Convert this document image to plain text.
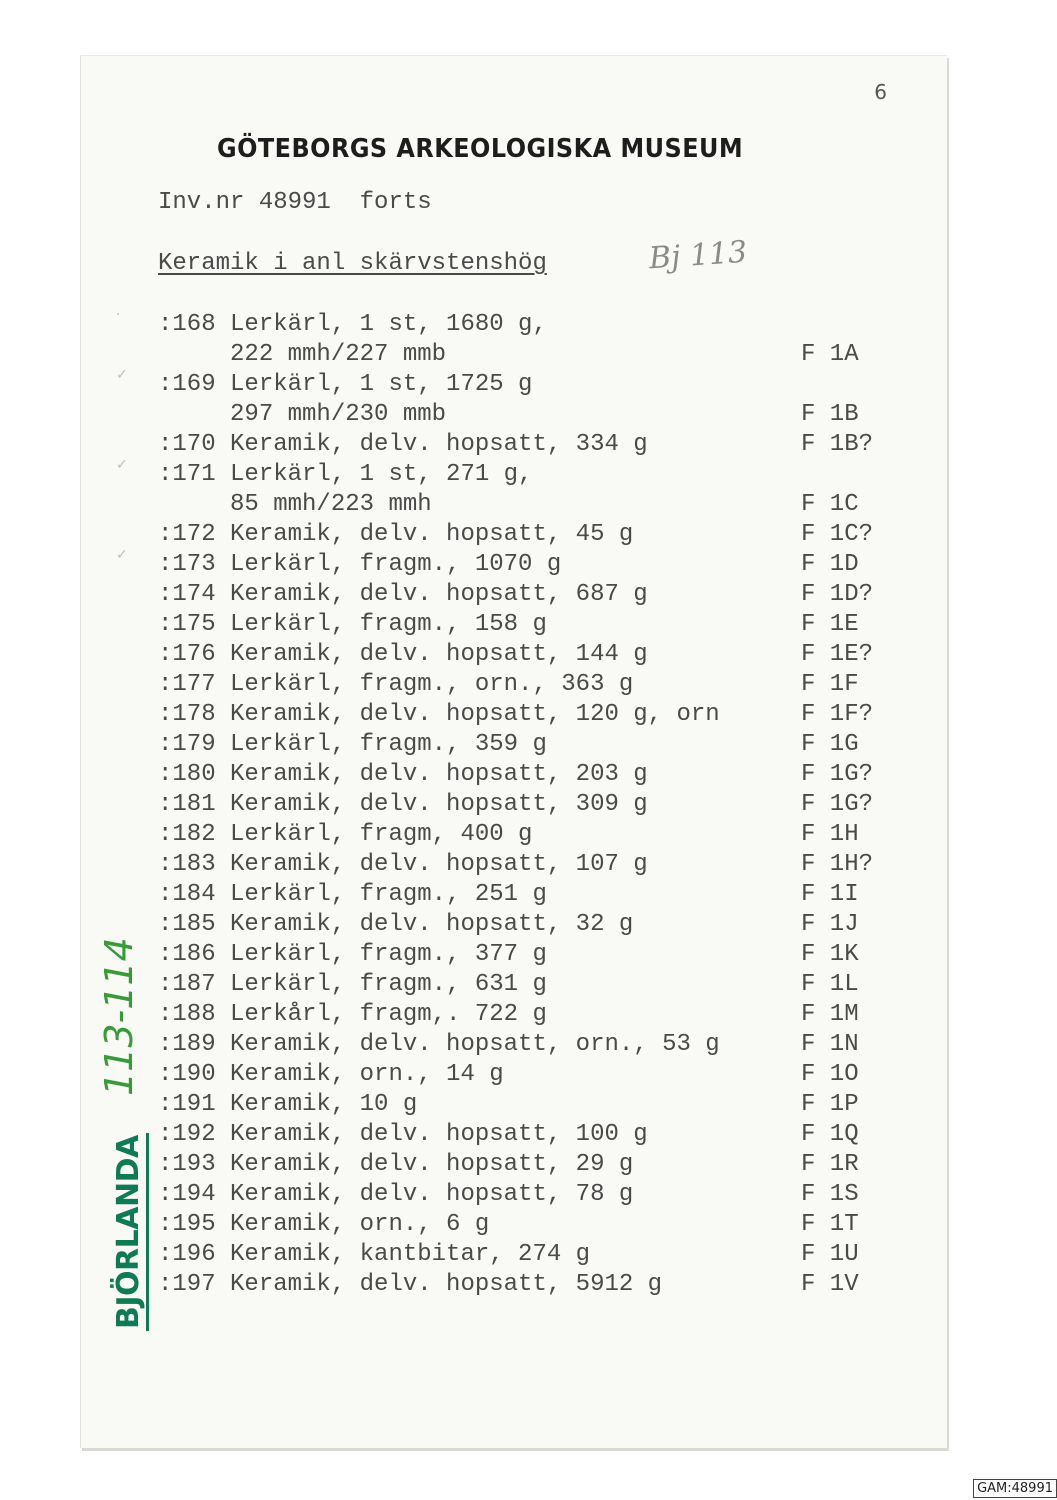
6
GÖTEBORGS ARKEOLOGISKA MUSEUM
Inv.nr 48991  forts
Keramik i anl skärvstenshög	Bj 113
· :168 Lerkärl, 1 st, 1680 g,
222 mmh/227 mmb	F 1A
✓ :169 Lerkärl, 1 st, 1725 g
297 mmh/230 mmb	F 1B
:170 Keramik, delv. hopsatt, 334 g	F 1B?
✓ :171 Lerkärl, 1 st, 271 g,
85 mmh/223 mmh	F 1C
:172 Keramik, delv. hopsatt, 45 g	F 1C?
✓ :173 Lerkärl, fragm., 1070 g	F 1D
:174 Keramik, delv. hopsatt, 687 g	F 1D?
:175 Lerkärl, fragm., 158 g	F 1E
:176 Keramik, delv. hopsatt, 144 g	F 1E?
:177 Lerkärl, fragm., orn., 363 g	F 1F
:178 Keramik, delv. hopsatt, 120 g, orn	F 1F?
:179 Lerkärl, fragm., 359 g	F 1G
:180 Keramik, delv. hopsatt, 203 g	F 1G?
:181 Keramik, delv. hopsatt, 309 g	F 1G?
:182 Lerkärl, fragm, 400 g	F 1H
:183 Keramik, delv. hopsatt, 107 g	F 1H?
:184 Lerkärl, fragm., 251 g	F 1I
:185 Keramik, delv. hopsatt, 32 g	F 1J
:186 Lerkärl, fragm., 377 g	F 1K
:187 Lerkärl, fragm., 631 g	F 1L
:188 Lerkårl, fragm,. 722 g	F 1M
:189 Keramik, delv. hopsatt, orn., 53 g	F 1N
:190 Keramik, orn., 14 g	F 1O
:191 Keramik, 10 g	F 1P
:192 Keramik, delv. hopsatt, 100 g	F 1Q
:193 Keramik, delv. hopsatt, 29 g	F 1R
:194 Keramik, delv. hopsatt, 78 g	F 1S
:195 Keramik, orn., 6 g	F 1T
:196 Keramik, kantbitar, 274 g	F 1U
:197 Keramik, delv. hopsatt, 5912 g	F 1V
113-114
BJÖRLANDA
GAM:48991
